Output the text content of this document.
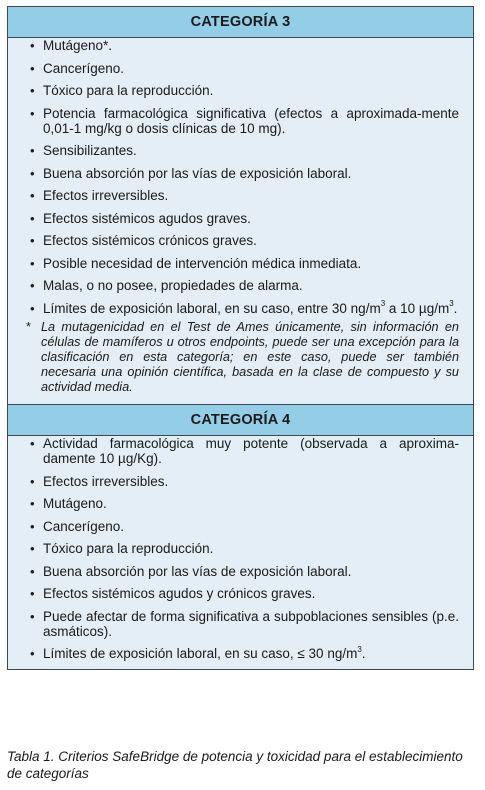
CATEGORÍA 3
• Mutágeno*.
• Cancerígeno.
• Tóxico para la reproducción.
• Potencia farmacológica significativa (efectos a aproximada-mente 0,01-1 mg/kg o dosis clínicas de 10 mg).
• Sensibilizantes.
• Buena absorción por las vías de exposición laboral.
• Efectos irreversibles.
• Efectos sistémicos agudos graves.
• Efectos sistémicos crónicos graves.
• Posible necesidad de intervención médica inmediata.
• Malas, o no posee, propiedades de alarma.
• Límites de exposición laboral, en su caso, entre 30 $ng/m^3$ a 10 $\mu g/m^3$.
* La mutagenicidad en el Test de Ames únicamente, sin información en células de mamíferos u otros endpoints, puede ser una excepción para la clasificación en esta categoría; en este caso, puede ser también necesaria una opinión científica, basada en la clase de compuesto y su actividad media.
CATEGORÍA 4
• Actividad farmacológica muy potente (observada a aproxima-damente 10 µg/Kg).
• Efectos irreversibles.
• Mutágeno.
• Cancerígeno.
• Tóxico para la reproducción.
• Buena absorción por las vías de exposición laboral.
• Efectos sistémicos agudos y crónicos graves.
• Puede afectar de forma significativa a subpoblaciones sensibles (p.e. asmáticos).
• Límites de exposición laboral, en su caso, ≤ 30 $ng/m^3$.
Tabla 1. Criterios SafeBridge de potencia y toxicidad para el establecimiento de categorías
